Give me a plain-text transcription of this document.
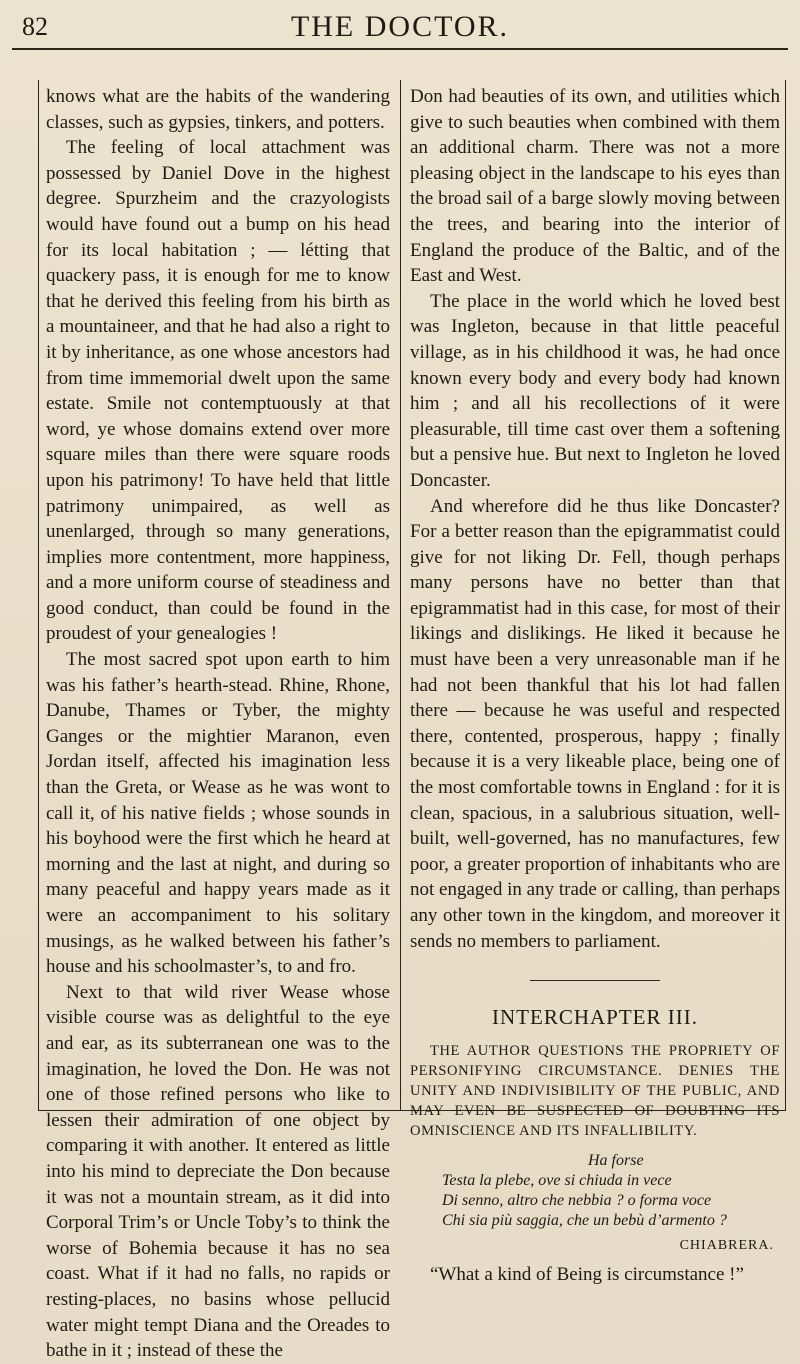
82	THE DOCTOR.

knows what are the habits of the wandering classes, such as gypsies, tinkers, and potters.

The feeling of local attachment was possessed by Daniel Dove in the highest degree. Spurzheim and the crazyologists would have found out a bump on his head for its local habitation ; — létting that quackery pass, it is enough for me to know that he derived this feeling from his birth as a mountaineer, and that he had also a right to it by inheritance, as one whose ancestors had from time immemorial dwelt upon the same estate. Smile not contemptuously at that word, ye whose domains extend over more square miles than there were square roods upon his patrimony! To have held that little patrimony unimpaired, as well as unenlarged, through so many generations, implies more contentment, more happiness, and a more uniform course of steadiness and good conduct, than could be found in the proudest of your genealogies !

The most sacred spot upon earth to him was his father’s hearth-stead. Rhine, Rhone, Danube, Thames or Tyber, the mighty Ganges or the mightier Maranon, even Jordan itself, affected his imagination less than the Greta, or Wease as he was wont to call it, of his native fields ; whose sounds in his boyhood were the first which he heard at morning and the last at night, and during so many peaceful and happy years made as it were an accompaniment to his solitary musings, as he walked between his father’s house and his schoolmaster’s, to and fro.

Next to that wild river Wease whose visible course was as delightful to the eye and ear, as its subterranean one was to the imagination, he loved the Don. He was not one of those refined persons who like to lessen their admiration of one object by comparing it with another. It entered as little into his mind to depreciate the Don because it was not a mountain stream, as it did into Corporal Trim’s or Uncle Toby’s to think the worse of Bohemia because it has no sea coast. What if it had no falls, no rapids or resting-places, no basins whose pellucid water might tempt Diana and the Oreades to bathe in it ; instead of these the

Don had beauties of its own, and utilities which give to such beauties when combined with them an additional charm. There was not a more pleasing object in the landscape to his eyes than the broad sail of a barge slowly moving between the trees, and bearing into the interior of England the produce of the Baltic, and of the East and West.

The place in the world which he loved best was Ingleton, because in that little peaceful village, as in his childhood it was, he had once known every body and every body had known him ; and all his recollections of it were pleasurable, till time cast over them a softening but a pensive hue. But next to Ingleton he loved Doncaster.

And wherefore did he thus like Doncaster? For a better reason than the epigrammatist could give for not liking Dr. Fell, though perhaps many persons have no better than that epigrammatist had in this case, for most of their likings and dislikings. He liked it because he must have been a very unreasonable man if he had not been thankful that his lot had fallen there — because he was useful and respected there, contented, prosperous, happy ; finally because it is a very likeable place, being one of the most comfortable towns in England : for it is clean, spacious, in a salubrious situation, well-built, well-governed, has no manufactures, few poor, a greater proportion of inhabitants who are not engaged in any trade or calling, than perhaps any other town in the kingdom, and moreover it sends no members to parliament.

INTERCHAPTER III.

THE AUTHOR QUESTIONS THE PROPRIETY OF PERSONIFYING CIRCUMSTANCE. DENIES THE UNITY AND INDIVISIBILITY OF THE PUBLIC, AND MAY EVEN BE SUSPECTED OF DOUBTING ITS OMNISCIENCE AND ITS INFALLIBILITY.

Ha forse
Testa la plebe, ove si chiuda in vece
Di senno, altro che nebbia ? o forma voce
Chi sia più saggia, che un bebù d’armento ?
CHIABRERA.

“What a kind of Being is circumstance !”
